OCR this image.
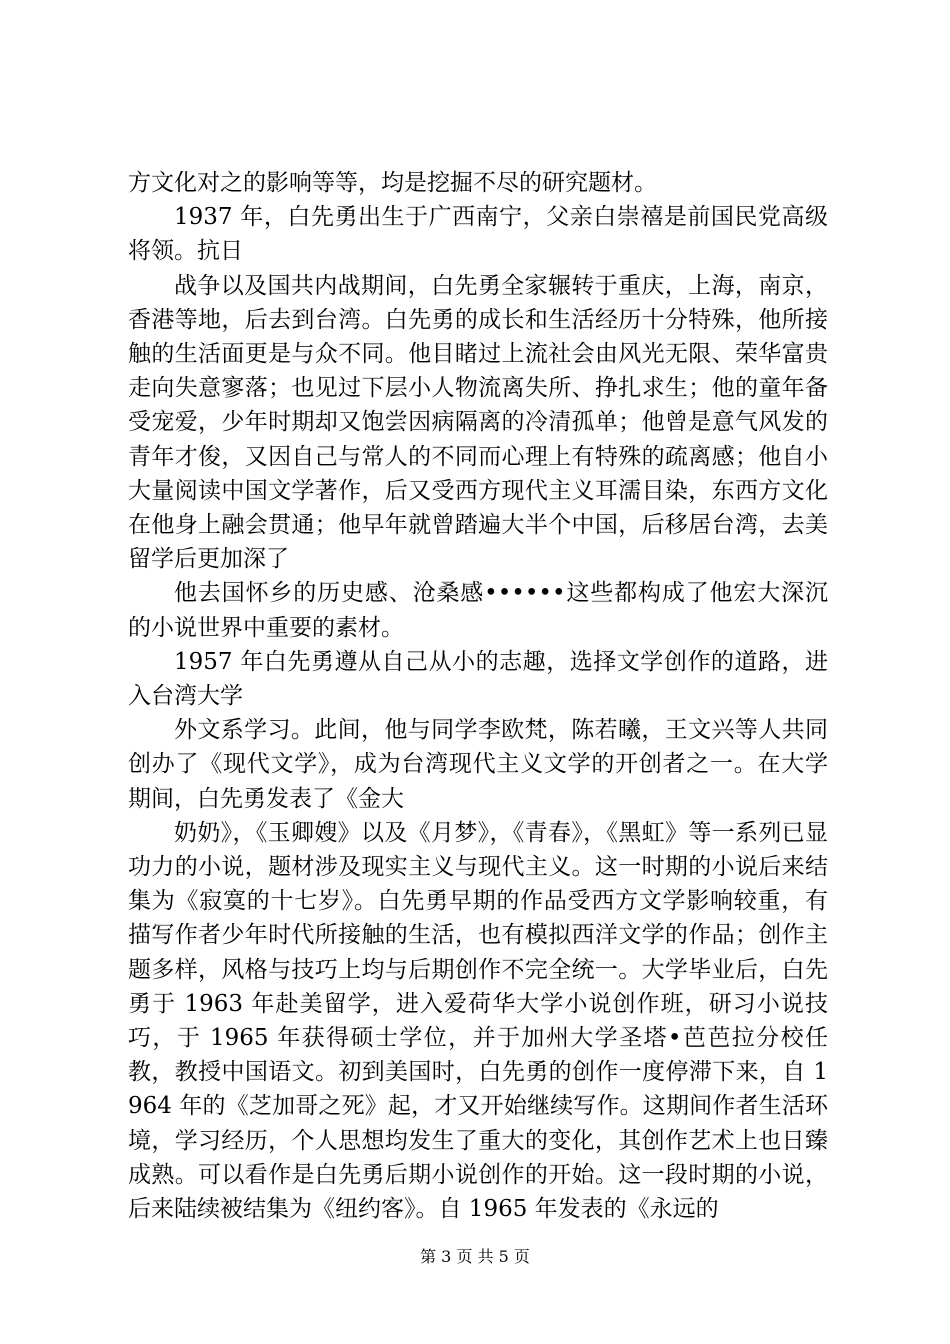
方文化对之的影响等等，均是挖掘不尽的研究题材。

1937 年，白先勇出生于广西南宁，父亲白崇禧是前国民党高级将领。抗日

战争以及国共内战期间，白先勇全家辗转于重庆，上海，南京，香港等地，后去到台湾。白先勇的成长和生活经历十分特殊，他所接触的生活面更是与众不同。他目睹过上流社会由风光无限、荣华富贵走向失意寥落；也见过下层小人物流离失所、挣扎求生；他的童年备受宠爱，少年时期却又饱尝因病隔离的冷清孤单；他曾是意气风发的青年才俊，又因自己与常人的不同而心理上有特殊的疏离感；他自小大量阅读中国文学著作，后又受西方现代主义耳濡目染，东西方文化在他身上融会贯通；他早年就曾踏遍大半个中国，后移居台湾，去美留学后更加深了

他去国怀乡的历史感、沧桑感••••••这些都构成了他宏大深沉的小说世界中重要的素材。

1957 年白先勇遵从自己从小的志趣，选择文学创作的道路，进入台湾大学

外文系学习。此间，他与同学李欧梵，陈若曦，王文兴等人共同创办了《现代文学》，成为台湾现代主义文学的开创者之一。在大学期间，白先勇发表了《金大

奶奶》，《玉卿嫂》以及《月梦》，《青春》，《黑虹》等一系列已显功力的小说，题材涉及现实主义与现代主义。这一时期的小说后来结集为《寂寞的十七岁》。白先勇早期的作品受西方文学影响较重，有描写作者少年时代所接触的生活，也有模拟西洋文学的作品；创作主题多样，风格与技巧上均与后期创作不完全统一。大学毕业后，白先勇于 1963 年赴美留学，进入爱荷华大学小说创作班，研习小说技巧，于 1965 年获得硕士学位，并于加州大学圣塔•芭芭拉分校任教，教授中国语文。初到美国时，白先勇的创作一度停滞下来，自 1964 年的《芝加哥之死》起，才又开始继续写作。这期间作者生活环境，学习经历，个人思想均发生了重大的变化，其创作艺术上也日臻成熟。可以看作是白先勇后期小说创作的开始。这一段时期的小说，后来陆续被结集为《纽约客》。自 1965 年发表的《永远的

第 3 页 共 5 页
